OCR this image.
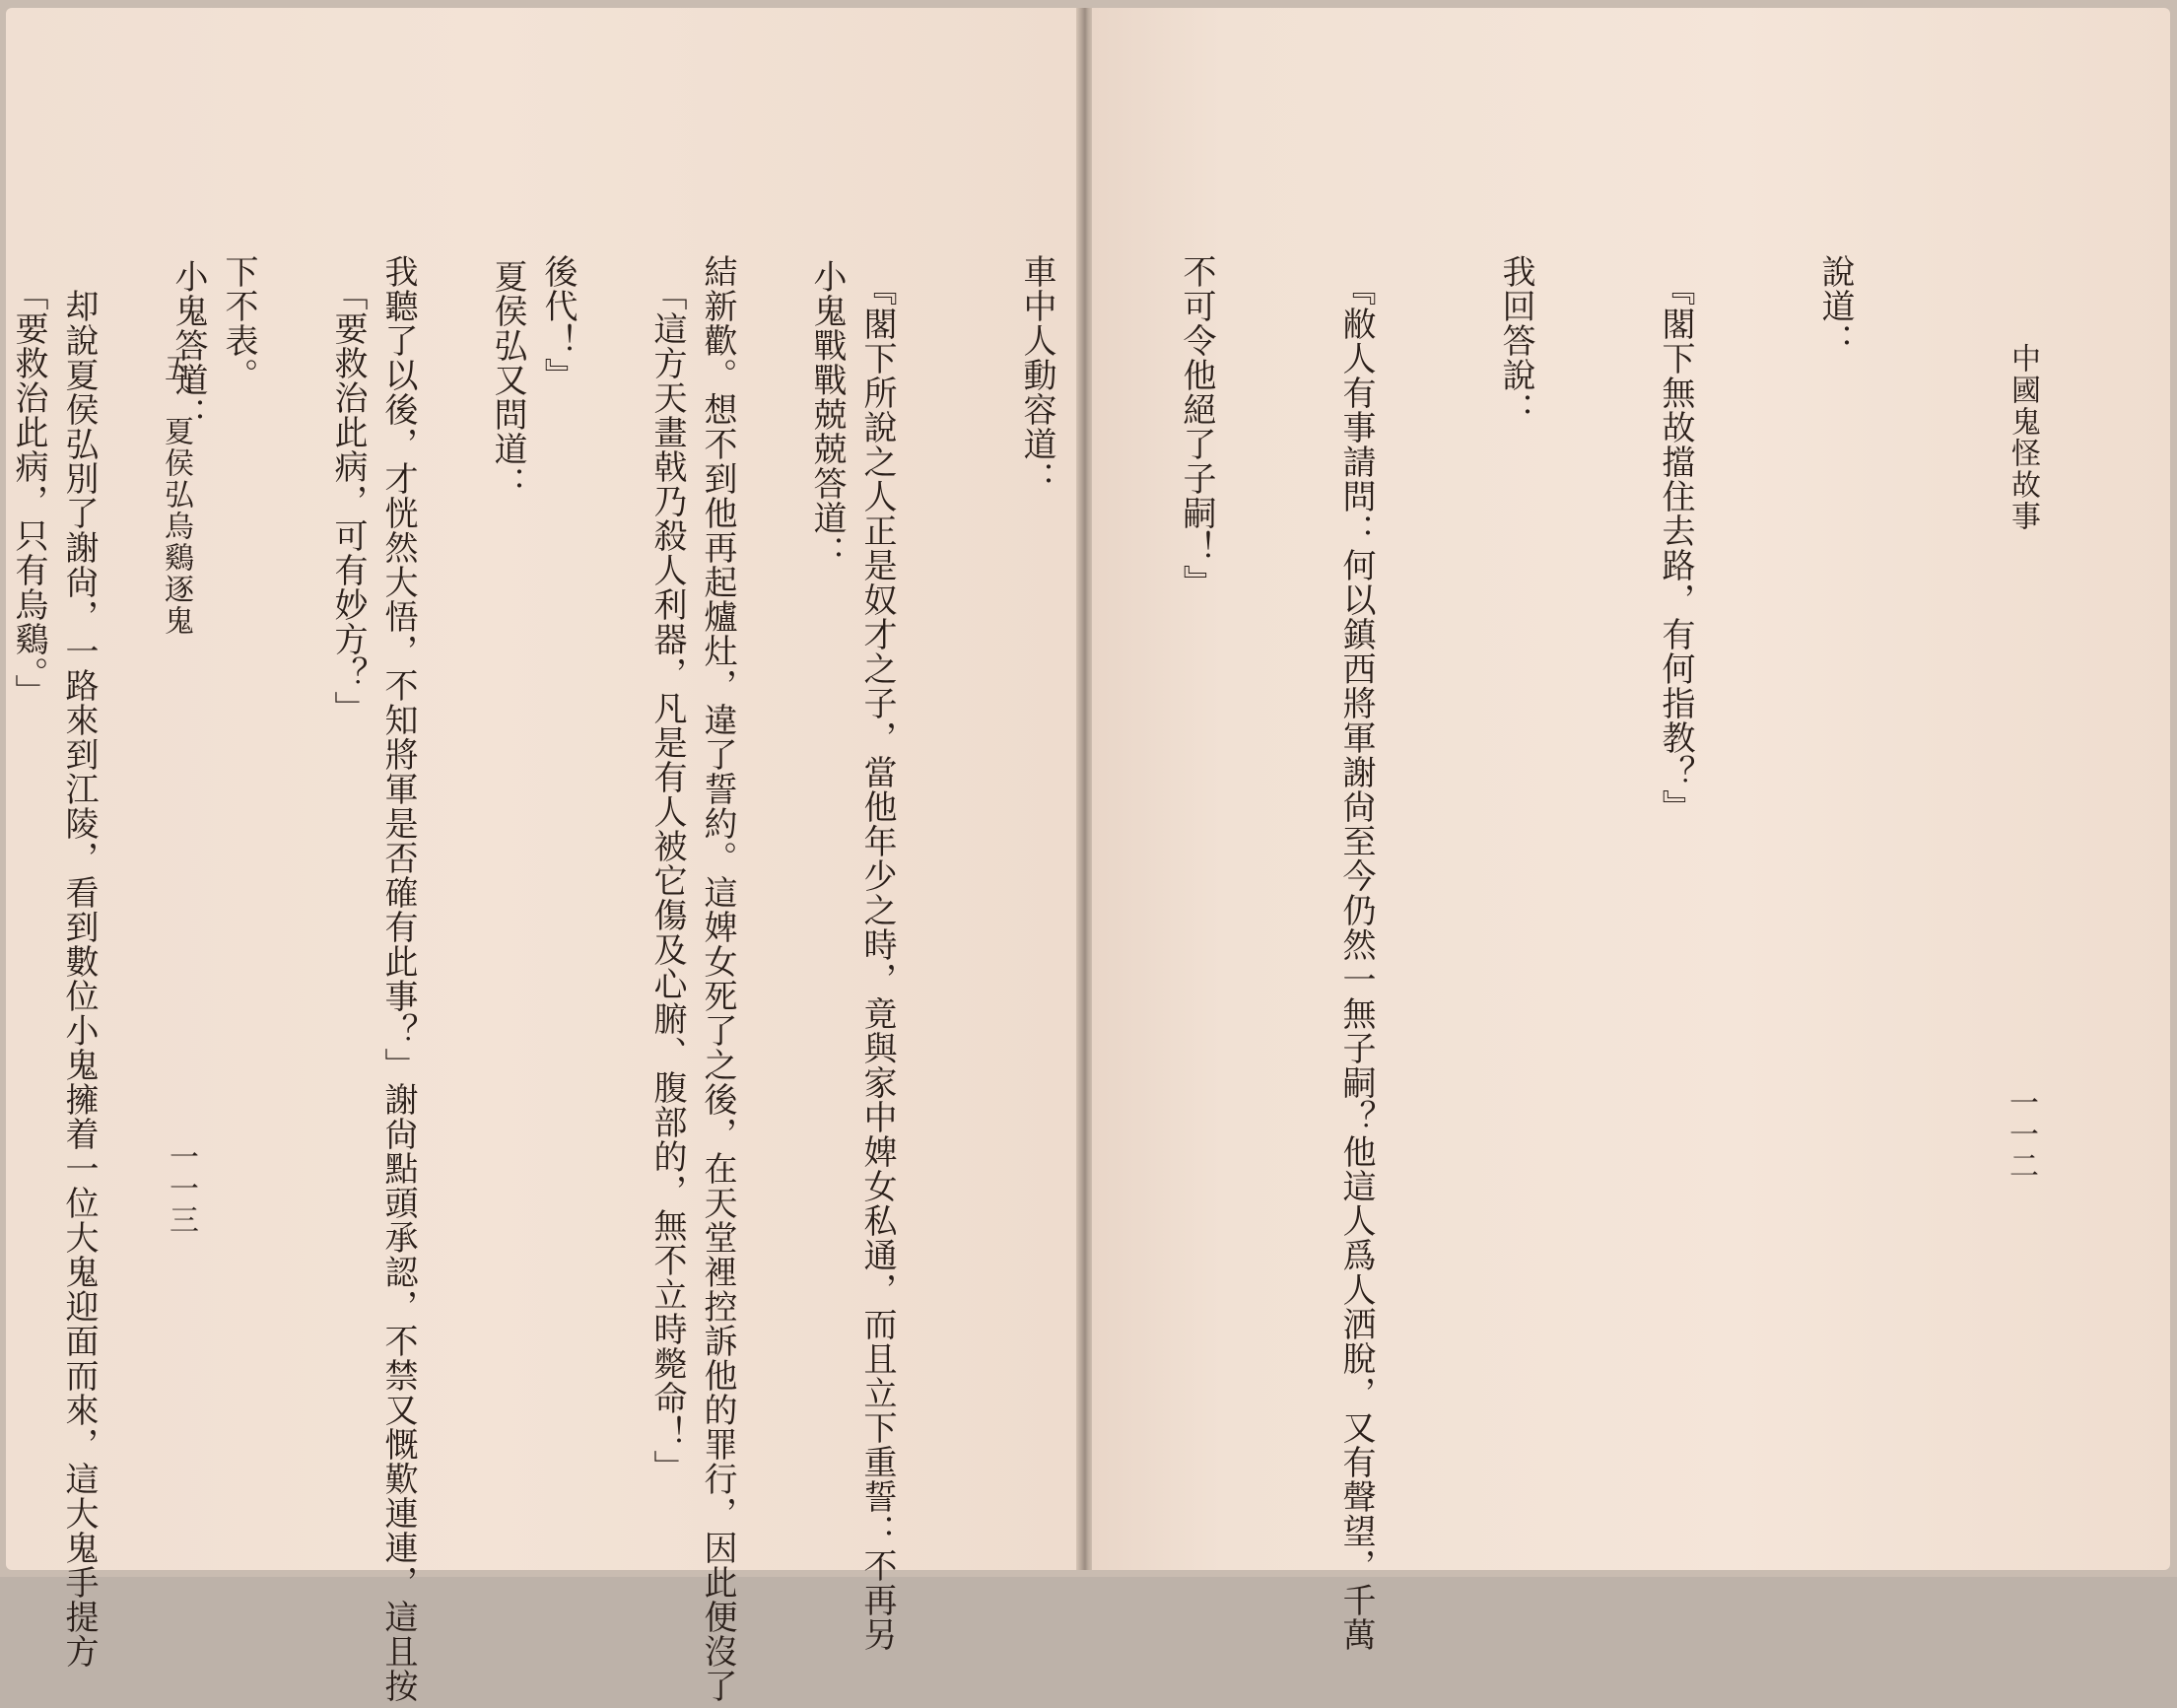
小鬼戰戰兢兢答道：

　「這方天畫戟乃殺人利器，凡是有人被它傷及心腑、腹部的，無不立時斃命！」

夏侯弘又問道：

　「要救治此病，可有妙方？」

小鬼答道：

　「要救治此病，只有烏鷄。」

	五、夏侯弘烏鷄逐鬼
一一三
中國鬼怪故事
一一二

說道：

　『閣下無故擋住去路，有何指教？』

我回答說：

　『敝人有事請問：何以鎮西將軍謝尙至今仍然一無子嗣？他這人爲人洒脫，又有聲望，千萬

不可令他絕了子嗣！』

車中人動容道：

　『閣下所說之人正是奴才之子，當他年少之時，竟與家中婢女私通，而且立下重誓：不再另

結新歡。想不到他再起爐灶，違了誓約。這婢女死了之後，在天堂裡控訴他的罪行，因此便沒了

後代！』

我聽了以後，才恍然大悟，不知將軍是否確有此事？」謝尙點頭承認，不禁又慨歎連連，這且按

下不表。

　却說夏侯弘別了謝尙，一路來到江陵，看到數位小鬼擁着一位大鬼迎面而來，這大鬼手提方
